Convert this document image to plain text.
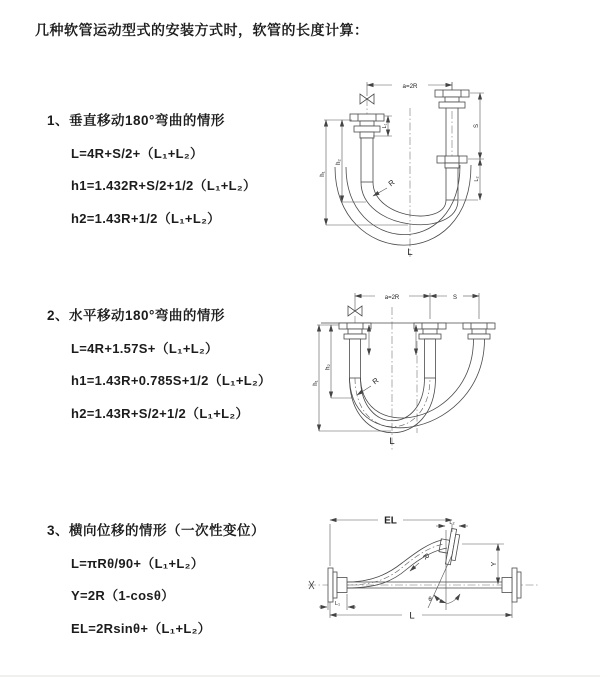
几种软管运动型式的安装方式时，软管的长度计算：
1、垂直移动180°弯曲的情形
L=4R+S/2+（L₁+L₂）
h1=1.432R+S/2+1/2（L₁+L₂）
h2=1.43R+1/2（L₁+L₂）
a=2R
S
L₂
h₁
h₂
L₁
R
L
2、水平移动180°弯曲的情形
L=4R+1.57S+（L₁+L₂）
h1=1.43R+0.785S+1/2（L₁+L₂）
h2=1.43R+S/2+1/2（L₁+L₂）
a=2R	S
h₁
h₂
R
L
3、横向位移的情形（一次性变位）
L=πRθ/90+（L₁+L₂）
Y=2R（1-cosθ）
EL=2Rsinθ+（L₁+L₂）
EL	L₂
Y
R
θ
L
L₁
